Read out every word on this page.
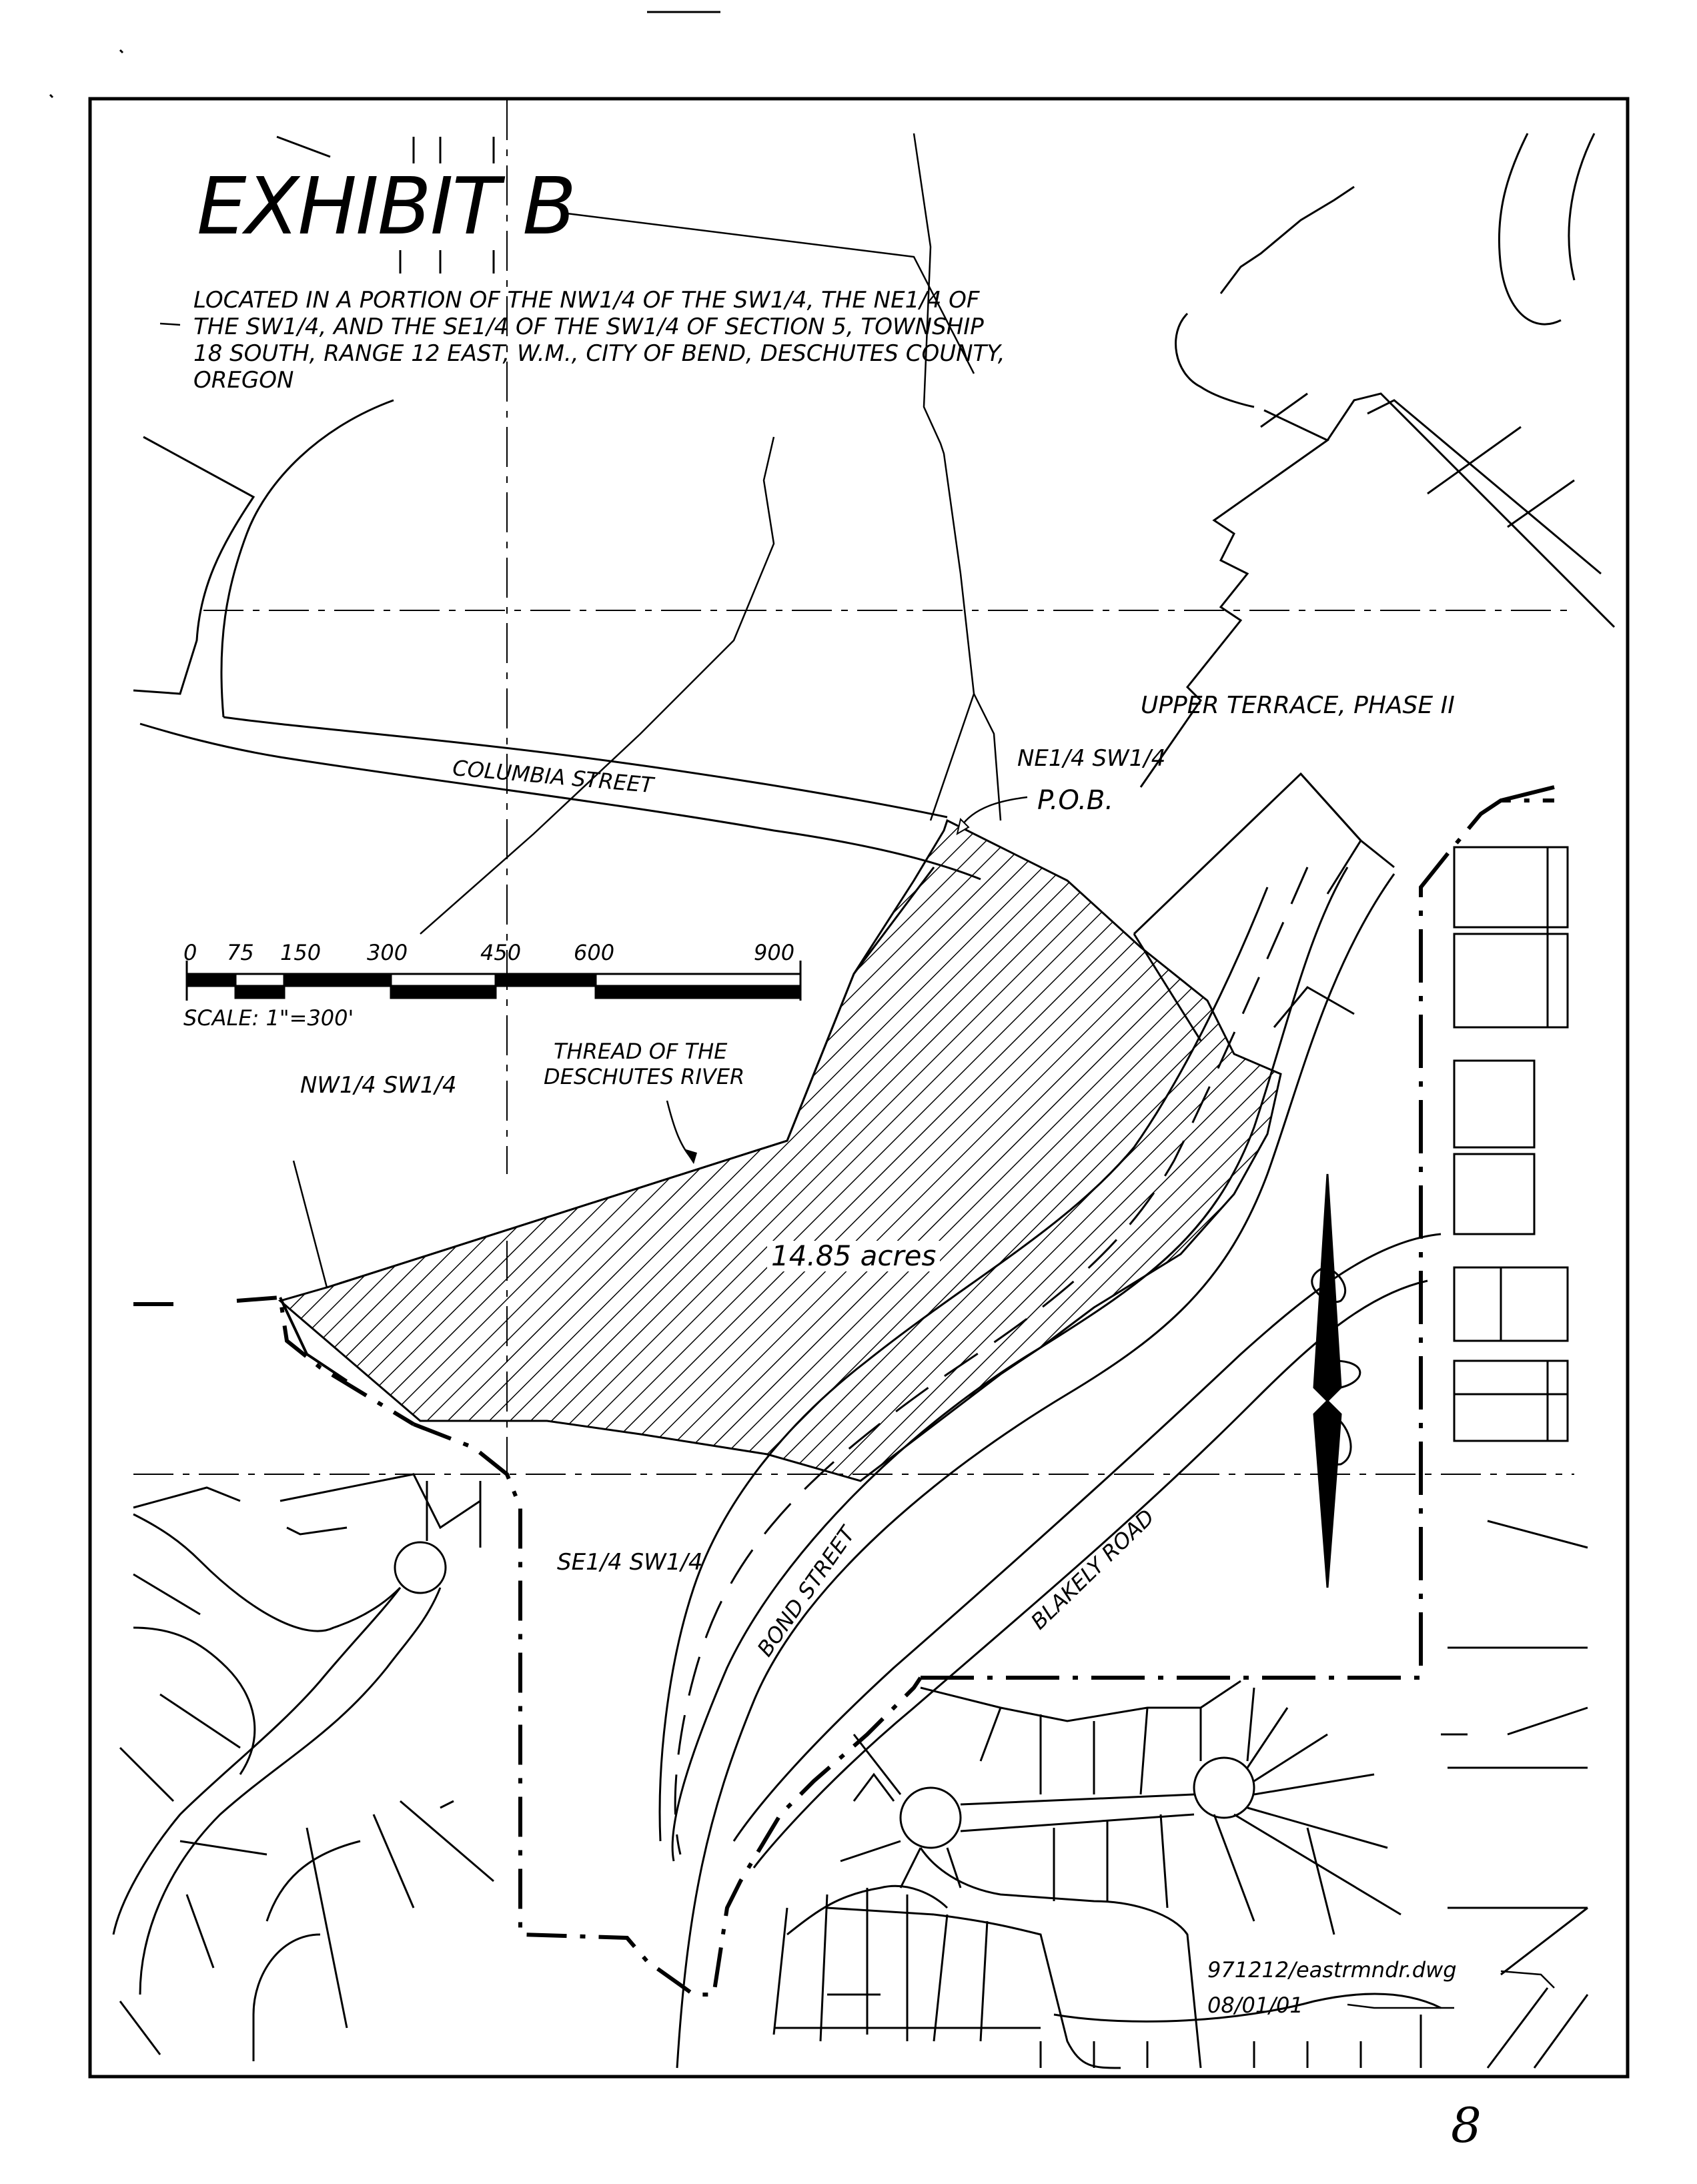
EXHIBIT B
LOCATED IN A PORTION OF THE NW1/4 OF THE SW1/4, THE NE1/4 OF
THE SW1/4, AND THE SE1/4 OF THE SW1/4 OF SECTION 5, TOWNSHIP
18 SOUTH, RANGE 12 EAST, W.M., CITY OF BEND, DESCHUTES COUNTY,
OREGON
UPPER TERRACE, PHASE II
NE1/4 SW1/4
P.O.B.
COLUMBIA STREET
NW1/4 SW1/4
THREAD OF THE
DESCHUTES RIVER
14.85 acres
SE1/4 SW1/4 BOND STREET	BLAKELY ROAD
0 75 150 300	450 600	900
SCALE: 1"=300'
971212/eastrmndr.dwg
08/01/01
8
